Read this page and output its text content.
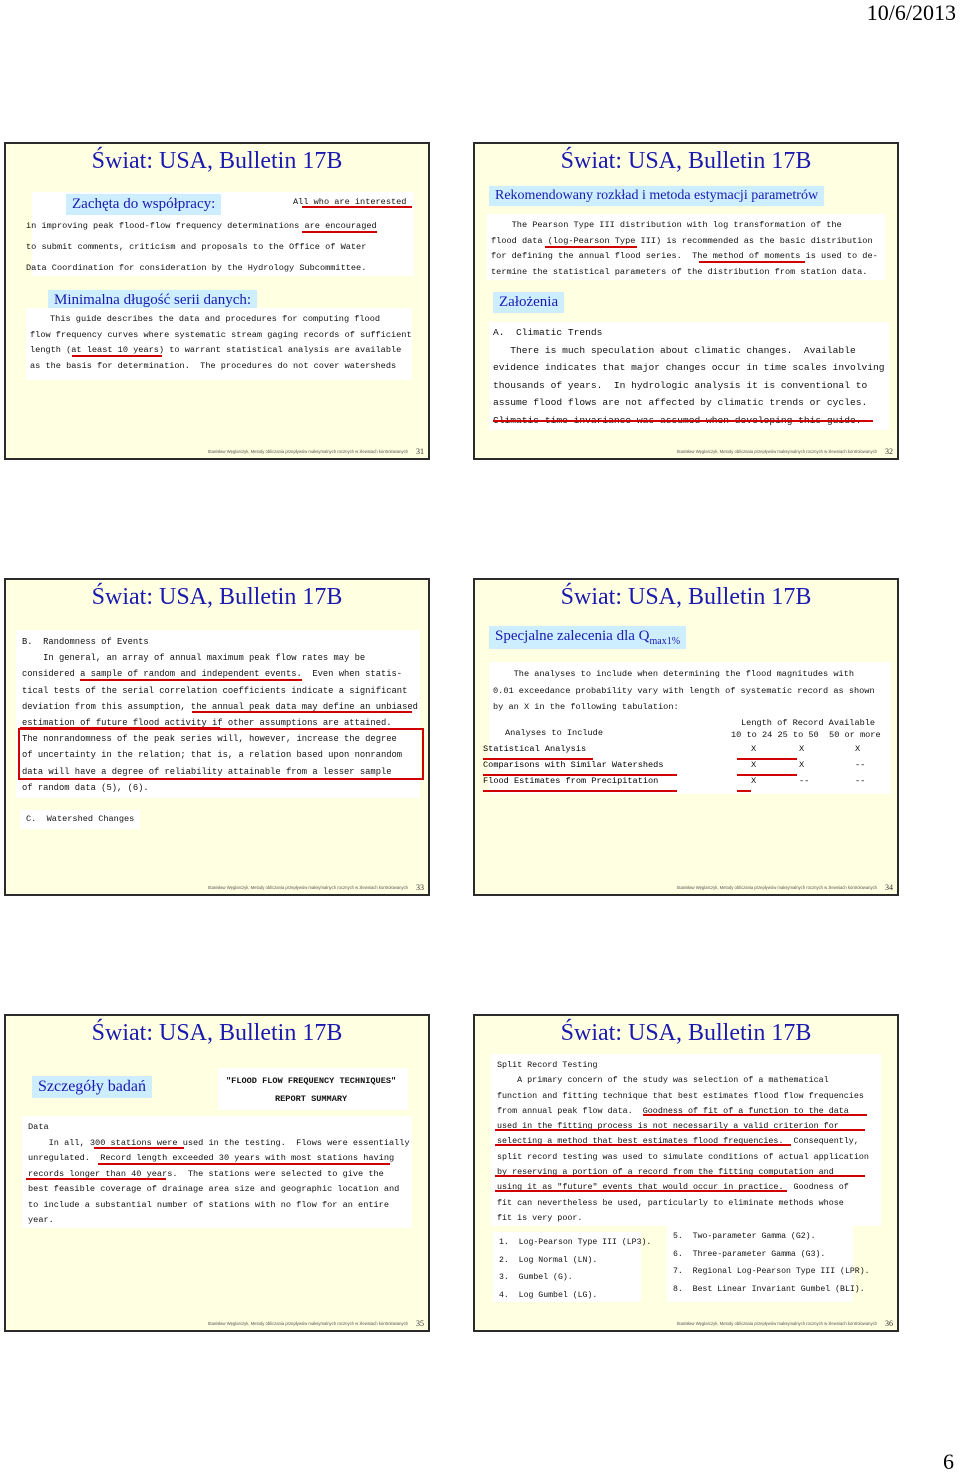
10/6/2013
Świat: USA, Bulletin 17B
Zachęta do współpracy:	All who are interested
in improving peak flood-flow frequency determinations are encouraged
to submit comments, criticism and proposals to the Office of Water
Data Coordination for consideration by the Hydrology Subcommittee.
Minimalna długość serii danych:
This guide describes the data and procedures for computing flood
flow frequency curves where systematic stream gaging records of sufficient
length (at least 10 years) to warrant statistical analysis are available
as the basis for determination.  The procedures do not cover watersheds
Stanisław Węglarczyk, Metody obliczania przepływów maksymalnych rocznych w zlewniach kontrolowanych 31
Świat: USA, Bulletin 17B
Rekomendowany rozkład i metoda estymacji parametrów
The Pearson Type III distribution with log transformation of the
flood data (log-Pearson Type III) is recommended as the basic distribution
for defining the annual flood series.  The method of moments is used to de-
termine the statistical parameters of the distribution from station data.
Założenia
A.  Climatic Trends
There is much speculation about climatic changes.  Available
evidence indicates that major changes occur in time scales involving
thousands of years.  In hydrologic analysis it is conventional to
assume flood flows are not affected by climatic trends or cycles.
Climatic time invariance was assumed when developing this guide.
Stanisław Węglarczyk, Metody obliczania przepływów maksymalnych rocznych w zlewniach kontrolowanych 32
Świat: USA, Bulletin 17B
B.  Randomness of Events
In general, an array of annual maximum peak flow rates may be
considered a sample of random and independent events.  Even when statis-
tical tests of the serial correlation coefficients indicate a significant
deviation from this assumption, the annual peak data may define an unbiased
estimation of future flood activity if other assumptions are attained.
The nonrandomness of the peak series will, however, increase the degree
of uncertainty in the relation; that is, a relation based upon nonrandom
data will have a degree of reliability attainable from a lesser sample
of random data (5), (6).
C.  Watershed Changes
Stanisław Węglarczyk, Metody obliczania przepływów maksymalnych rocznych w zlewniach kontrolowanych 33
Świat: USA, Bulletin 17B
Specjalne zalecenia dla $Q_{max1\%}$
The analyses to include when determining the flood magnitudes with
0.01 exceedance probability vary with length of systematic record as shown
by an X in the following tabulation:
Length of Record Available
Analyses to Include	10 to 24 25 to 50 50 or more
Statistical Analysis	X	X	X
Comparisons with Similar Watersheds	X	X	--
Flood Estimates from Precipitation	X	--	--
Stanisław Węglarczyk, Metody obliczania przepływów maksymalnych rocznych w zlewniach kontrolowanych 34
Świat: USA, Bulletin 17B
Szczegóły badań	"FLOOD FLOW FREQUENCY TECHNIQUES"
REPORT SUMMARY
Data
In all, 300 stations were used in the testing.  Flows were essentially
unregulated.  Record length exceeded 30 years with most stations having
records longer than 40 years.  The stations were selected to give the
best feasible coverage of drainage area size and geographic location and
to include a substantial number of stations with no flow for an entire
year.
Stanisław Węglarczyk, Metody obliczania przepływów maksymalnych rocznych w zlewniach kontrolowanych 35
Świat: USA, Bulletin 17B
Split Record Testing
A primary concern of the study was selection of a mathematical
function and fitting technique that best estimates flood flow frequencies
from annual peak flow data.  Goodness of fit of a function to the data
used in the fitting process is not necessarily a valid criterion for
selecting a method that best estimates flood frequencies.  Consequently,
split record testing was used to simulate conditions of actual application
by reserving a portion of a record from the fitting computation and
using it as "future" events that would occur in practice.  Goodness of
fit can nevertheless be used, particularly to eliminate methods whose
fit is very poor.
1.  Log-Pearson Type III (LP3).
2.  Log Normal (LN).
3.  Gumbel (G).
4.  Log Gumbel (LG).
5.  Two-parameter Gamma (G2).
6.  Three-parameter Gamma (G3).
7.  Regional Log-Pearson Type III (LPR).
8.  Best Linear Invariant Gumbel (BLI).
Stanisław Węglarczyk, Metody obliczania przepływów maksymalnych rocznych w zlewniach kontrolowanych 36
6
